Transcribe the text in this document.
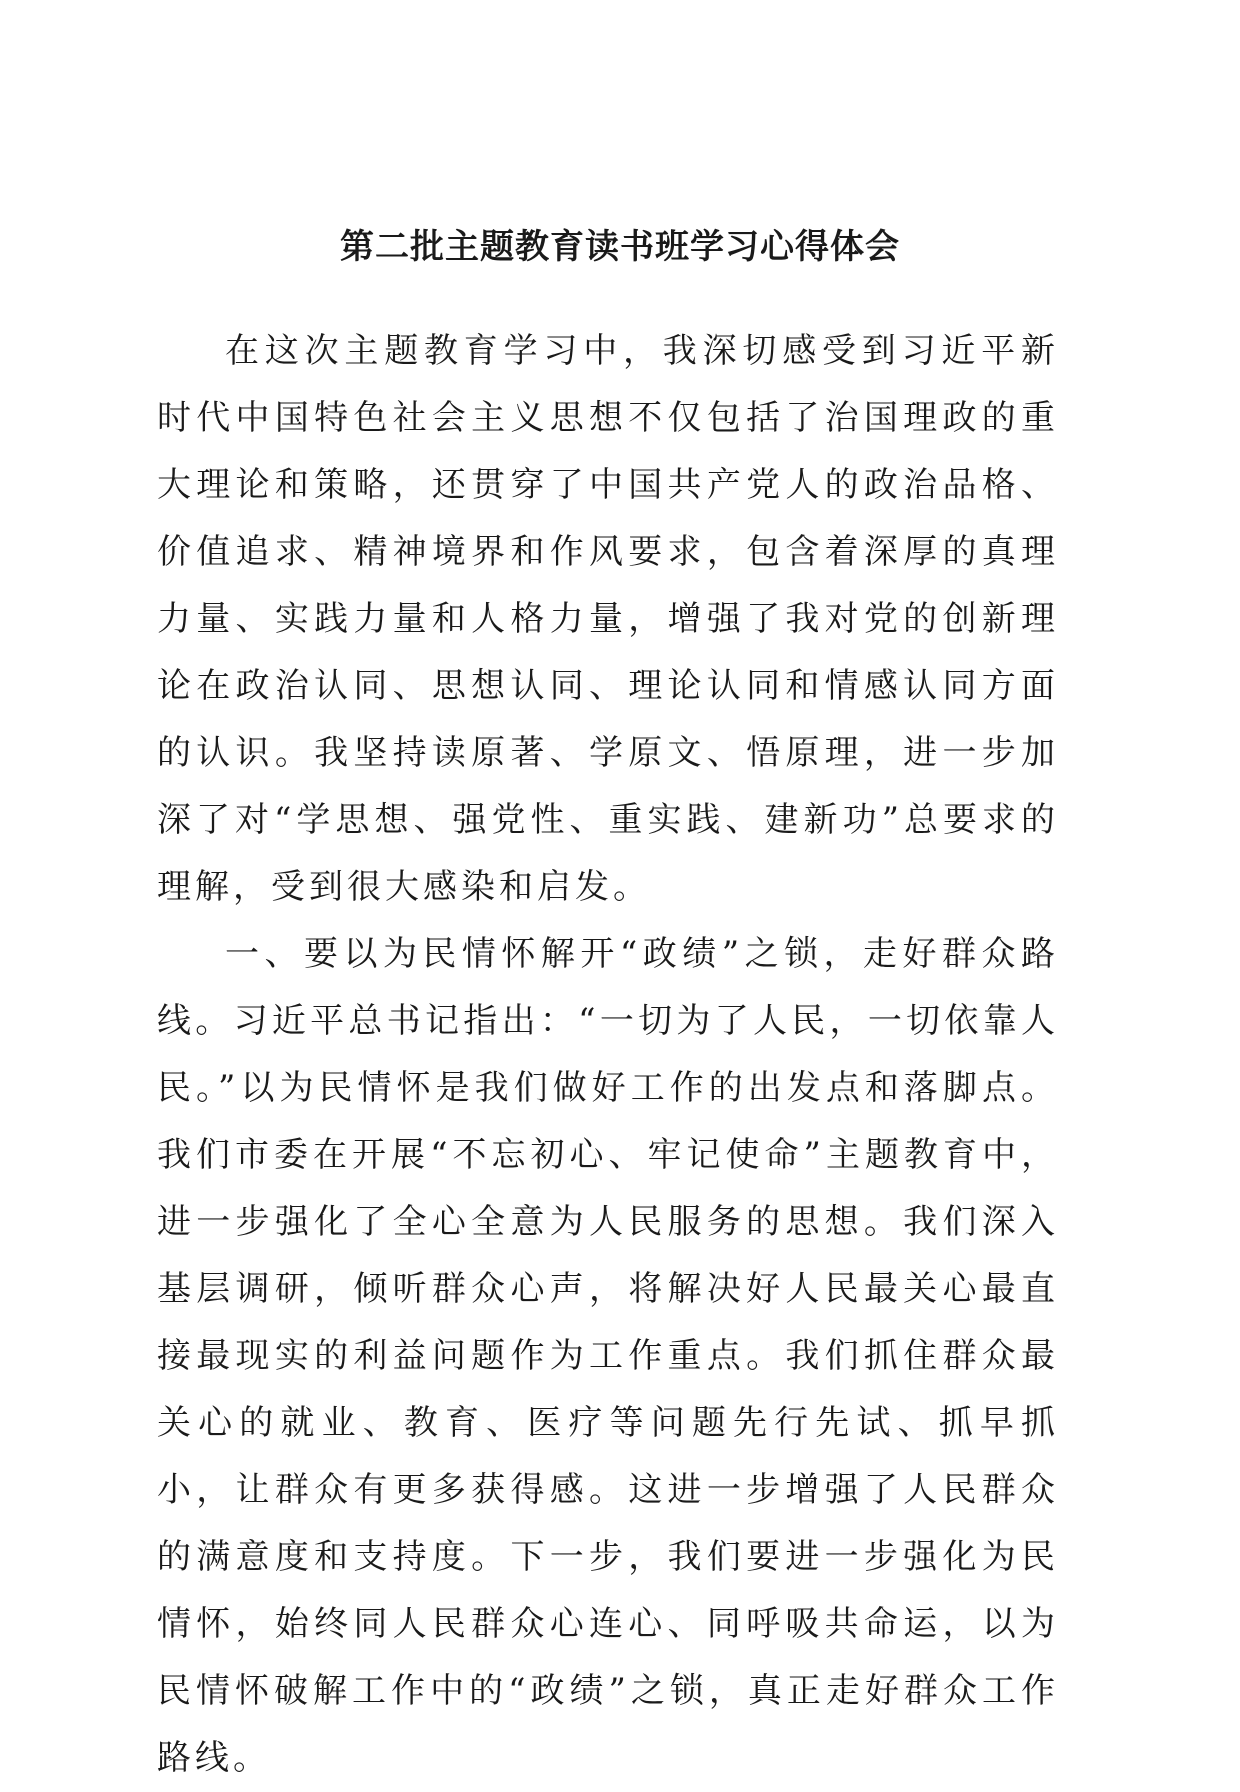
第二批主题教育读书班学习心得体会

在这次主题教育学习中，我深切感受到习近平新时代中国特色社会主义思想不仅包括了治国理政的重大理论和策略，还贯穿了中国共产党人的政治品格、价值追求、精神境界和作风要求，包含着深厚的真理力量、实践力量和人格力量，增强了我对党的创新理论在政治认同、思想认同、理论认同和情感认同方面的认识。我坚持读原著、学原文、悟原理，进一步加深了对“学思想、强党性、重实践、建新功”总要求的理解，受到很大感染和启发。

一、要以为民情怀解开“政绩”之锁，走好群众路线。习近平总书记指出：“一切为了人民，一切依靠人民。”以为民情怀是我们做好工作的出发点和落脚点。我们市委在开展“不忘初心、牢记使命”主题教育中，进一步强化了全心全意为人民服务的思想。我们深入基层调研，倾听群众心声，将解决好人民最关心最直接最现实的利益问题作为工作重点。我们抓住群众最关心的就业、教育、医疗等问题先行先试、抓早抓小，让群众有更多获得感。这进一步增强了人民群众的满意度和支持度。下一步，我们要进一步强化为民情怀，始终同人民群众心连心、同呼吸共命运，以为民情怀破解工作中的“政绩”之锁，真正走好群众工作路线。
